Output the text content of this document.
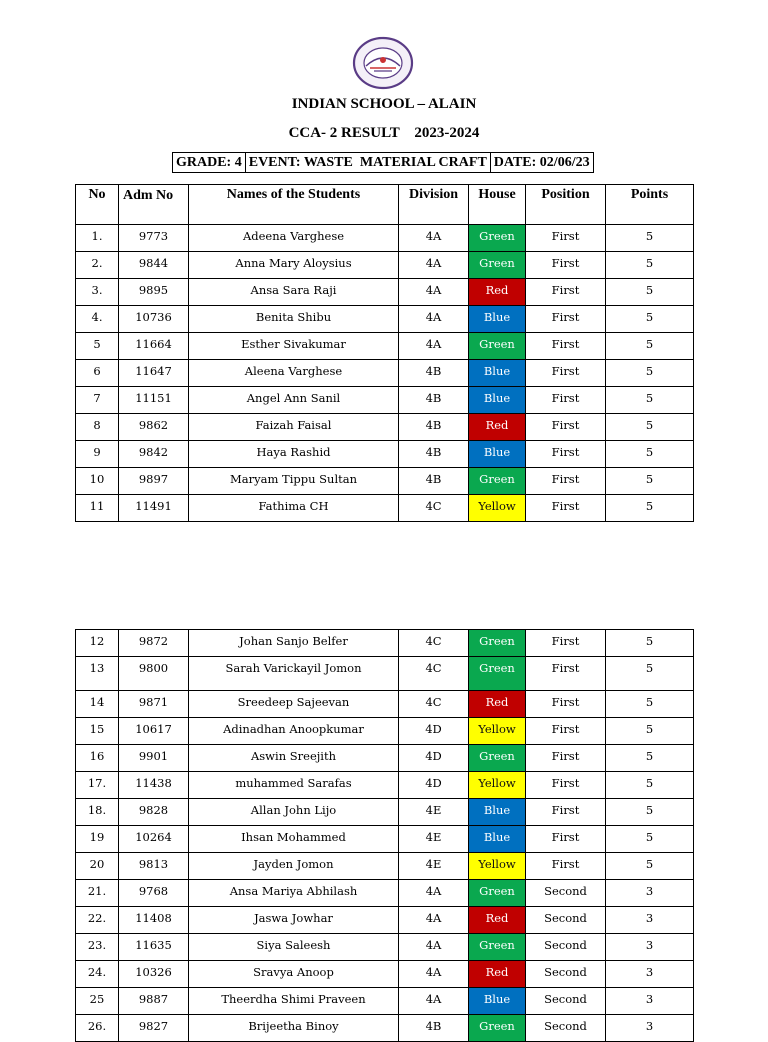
INDIAN SCHOOL – ALAIN
CCA- 2 RESULT    2023-2024
GRADE: 4 EVENT: WASTE  MATERIAL CRAFT DATE: 02/06/23
No	Adm No	Names of the Students	Division	House	Position	Points
1.	9773	Adeena Varghese	4A	Green	First	5
2.	9844	Anna Mary Aloysius	4A	Green	First	5
3.	9895	Ansa Sara Raji	4A	Red	First	5
4.	10736	Benita Shibu	4A	Blue	First	5
5	11664	Esther Sivakumar	4A	Green	First	5
6	11647	Aleena Varghese	4B	Blue	First	5
7	11151	Angel Ann Sanil	4B	Blue	First	5
8	9862	Faizah Faisal	4B	Red	First	5
9	9842	Haya Rashid	4B	Blue	First	5
10	9897	Maryam Tippu Sultan	4B	Green	First	5
11	11491	Fathima CH	4C	Yellow	First	5
12	9872	Johan Sanjo Belfer	4C	Green	First	5
13	9800	Sarah Varickayil Jomon	4C	Green	First	5
14	9871	Sreedeep Sajeevan	4C	Red	First	5
15	10617	Adinadhan Anoopkumar	4D	Yellow	First	5
16	9901	Aswin Sreejith	4D	Green	First	5
17.	11438	muhammed Sarafas	4D	Yellow	First	5
18.	9828	Allan John Lijo	4E	Blue	First	5
19	10264	Ihsan Mohammed	4E	Blue	First	5
20	9813	Jayden Jomon	4E	Yellow	First	5
21.	9768	Ansa Mariya Abhilash	4A	Green	Second	3
22.	11408	Jaswa Jowhar	4A	Red	Second	3
23.	11635	Siya Saleesh	4A	Green	Second	3
24.	10326	Sravya Anoop	4A	Red	Second	3
25	9887	Theerdha Shimi Praveen	4A	Blue	Second	3
26.	9827	Brijeetha Binoy	4B	Green	Second	3
